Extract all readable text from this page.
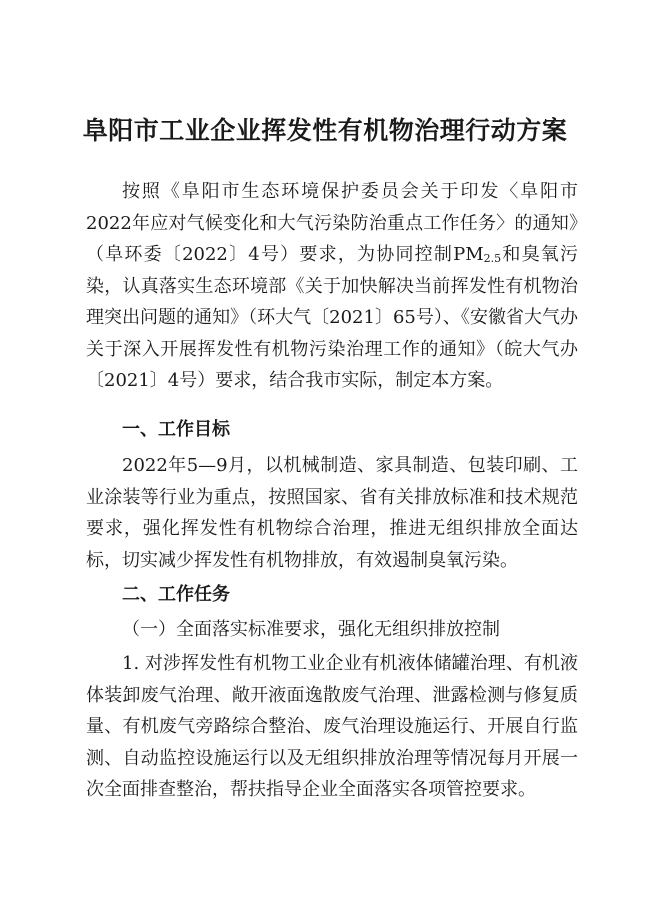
阜阳市工业企业挥发性有机物治理行动方案

按照《阜阳市生态环境保护委员会关于印发〈阜阳市2022年应对气候变化和大气污染防治重点工作任务〉的通知》（阜环委〔2022〕4号）要求，为协同控制$PM_{2.5}$和臭氧污染，认真落实生态环境部《关于加快解决当前挥发性有机物治理突出问题的通知》（环大气〔2021〕65号）、《安徽省大气办关于深入开展挥发性有机物污染治理工作的通知》（皖大气办〔2021〕4号）要求，结合我市实际，制定本方案。

一、工作目标

2022年5—9月，以机械制造、家具制造、包装印刷、工业涂装等行业为重点，按照国家、省有关排放标准和技术规范要求，强化挥发性有机物综合治理，推进无组织排放全面达标，切实减少挥发性有机物排放，有效遏制臭氧污染。

二、工作任务

（一）全面落实标准要求，强化无组织排放控制

1. 对涉挥发性有机物工业企业有机液体储罐治理、有机液体装卸废气治理、敞开液面逸散废气治理、泄露检测与修复质量、有机废气旁路综合整治、废气治理设施运行、开展自行监测、自动监控设施运行以及无组织排放治理等情况每月开展一次全面排查整治，帮扶指导企业全面落实各项管控要求。
